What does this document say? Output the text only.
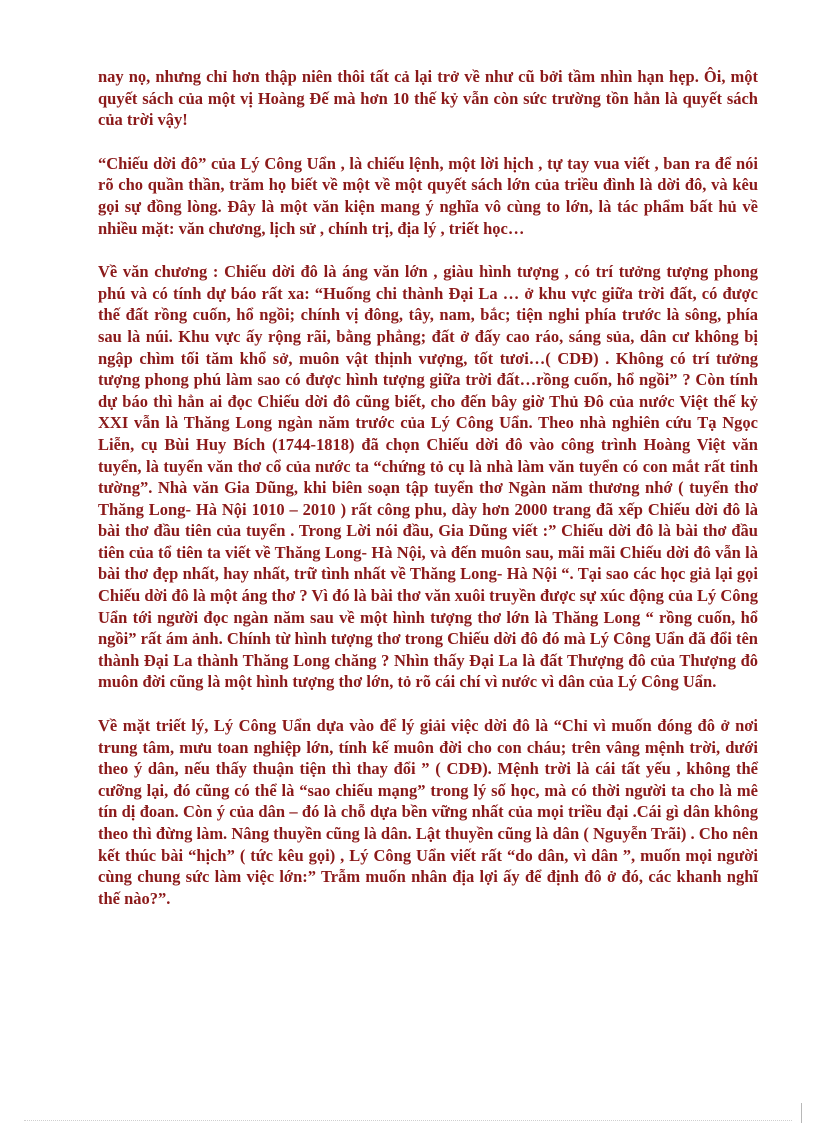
nay nọ, nhưng chỉ hơn thập niên thôi tất cả lại trở về như cũ bởi tầm nhìn hạn hẹp. Ôi, một quyết sách của một vị Hoàng Đế mà hơn 10 thế kỷ vẫn còn sức trường tồn hẳn là quyết sách của trời vậy!

“Chiếu dời đô” của Lý Công Uẩn , là chiếu lệnh, một lời hịch , tự tay vua viết , ban ra để nói rõ cho quần thần, trăm họ biết về một về một quyết sách lớn của triều đình là dời đô, và kêu gọi sự đồng lòng. Đây là một văn kiện mang ý nghĩa vô cùng to lớn, là tác phẩm bất hủ về nhiều mặt: văn chương, lịch sử , chính trị, địa lý , triết học…

Về văn chương : Chiếu dời đô là áng văn lớn , giàu hình tượng , có trí tưởng tượng phong phú và có tính dự báo rất xa: “Huống chi thành Đại La … ở khu vực giữa trời đất, có được thế đất rồng cuốn, hổ ngồi; chính vị đông, tây, nam, bắc; tiện nghi phía trước là sông, phía sau là núi. Khu vực ấy rộng rãi, bằng phẳng; đất ở đấy cao ráo, sáng sủa, dân cư không bị ngập chìm tối tăm khổ sở, muôn vật thịnh vượng, tốt tươi…( CDĐ) . Không có trí tưởng tượng phong phú làm sao có được hình tượng giữa trời đất…rồng cuốn, hổ ngồi” ? Còn tính dự báo thì hẳn ai đọc Chiếu dời đô cũng biết, cho đến bây giờ Thủ Đô của nước Việt thế kỷ XXI vẫn là Thăng Long ngàn năm trước của Lý Công Uẩn. Theo nhà nghiên cứu Tạ Ngọc Liễn, cụ Bùi Huy Bích (1744-1818) đã chọn Chiếu dời đô vào công trình Hoàng Việt văn tuyển, là tuyển văn thơ cổ của nước ta “chứng tỏ cụ là nhà làm văn tuyển có con mắt rất tinh tường”. Nhà văn Gia Dũng, khi biên soạn tập tuyển thơ Ngàn năm thương nhớ ( tuyển thơ Thăng Long- Hà Nội 1010 – 2010 ) rất công phu, dày hơn 2000 trang đã xếp Chiếu dời đô là bài thơ đầu tiên của tuyển . Trong Lời nói đầu, Gia Dũng viết :” Chiếu dời đô là bài thơ đầu tiên của tổ tiên ta viết về Thăng Long- Hà Nội, và đến muôn sau, mãi mãi Chiếu dời đô vẫn là bài thơ đẹp nhất, hay nhất, trữ tình nhất về Thăng Long- Hà Nội “. Tại sao các học giả lại gọi Chiếu dời đô là một áng thơ ? Vì đó là bài thơ văn xuôi truyền được sự xúc động của Lý Công Uẩn tới người đọc ngàn năm sau về một hình tượng thơ lớn là Thăng Long “ rồng cuốn, hổ ngồi” rất ám ảnh. Chính từ hình tượng thơ trong Chiếu dời đô đó mà Lý Công Uẩn đã đổi tên thành Đại La thành Thăng Long chăng ? Nhìn thấy Đại La là đất Thượng đô của Thượng đô muôn đời cũng là một hình tượng thơ lớn, tỏ rõ cái chí vì nước vì dân của Lý Công Uẩn.

Về mặt triết lý, Lý Công Uẩn dựa vào để lý giải việc dời đô là “Chỉ vì muốn đóng đô ở nơi trung tâm, mưu toan nghiệp lớn, tính kế muôn đời cho con cháu; trên vâng mệnh trời, dưới theo ý dân, nếu thấy thuận tiện thì thay đổi ” ( CDĐ). Mệnh trời là cái tất yếu , không thể cưỡng lại, đó cũng có thể là “sao chiếu mạng” trong lý số học, mà có thời người ta cho là mê tín dị đoan. Còn ý của dân – đó là chỗ dựa bền vững nhất của mọi triều đại .Cái gì dân không theo thì đừng làm. Nâng thuyền cũng là dân. Lật thuyền cũng là dân ( Nguyễn Trãi) . Cho nên kết thúc bài “hịch” ( tức kêu gọi) , Lý Công Uẩn viết rất “do dân, vì dân ”, muốn mọi người cùng chung sức làm việc lớn:” Trẫm muốn nhân địa lợi ấy để định đô ở đó, các khanh nghĩ thế nào?”.
